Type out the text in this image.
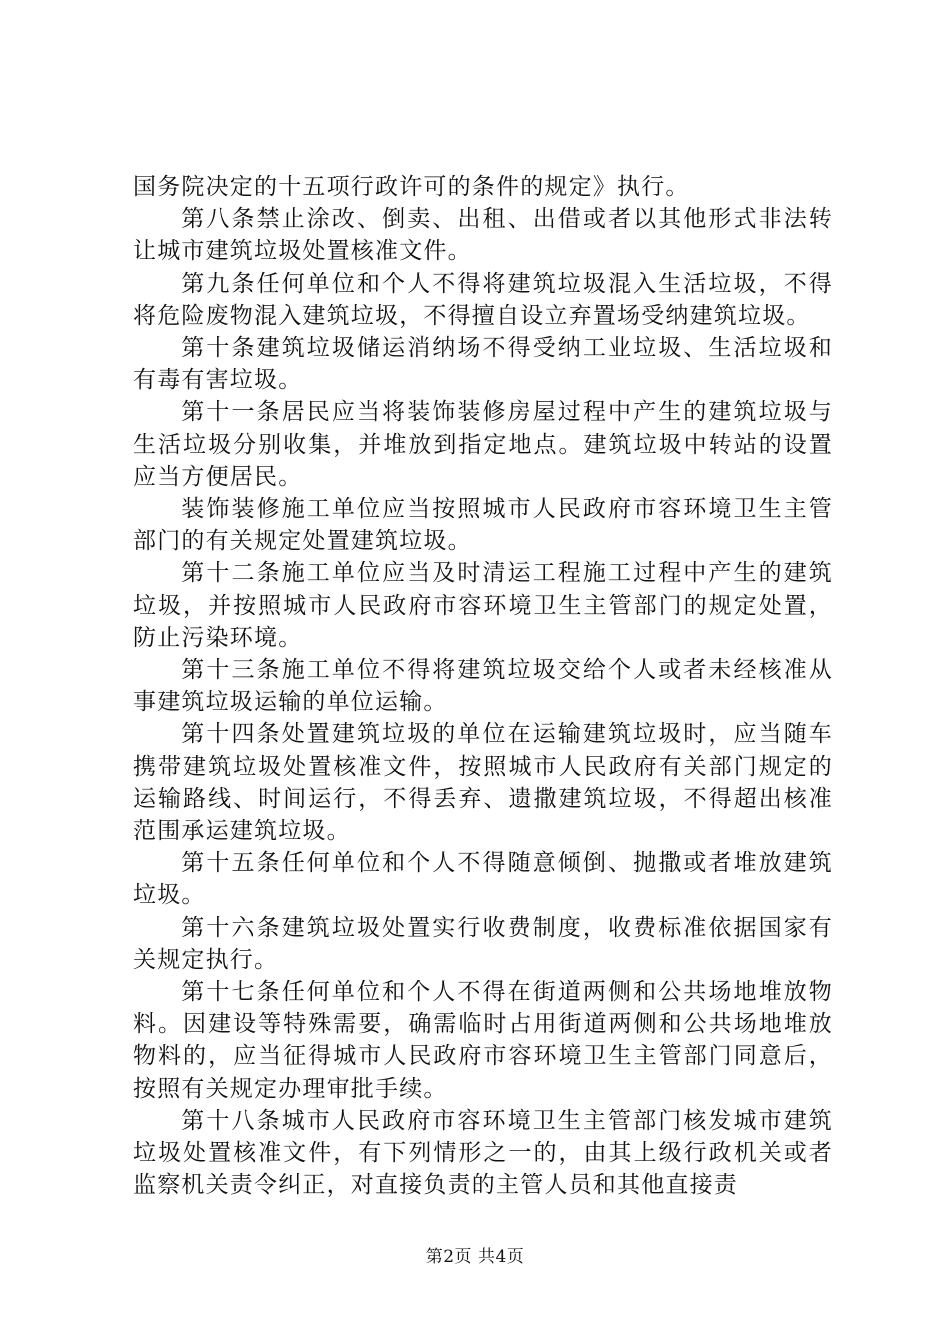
国务院决定的十五项行政许可的条件的规定》执行。

第八条禁止涂改、倒卖、出租、出借或者以其他形式非法转让城市建筑垃圾处置核准文件。

第九条任何单位和个人不得将建筑垃圾混入生活垃圾，不得将危险废物混入建筑垃圾，不得擅自设立弃置场受纳建筑垃圾。

第十条建筑垃圾储运消纳场不得受纳工业垃圾、生活垃圾和有毒有害垃圾。

第十一条居民应当将装饰装修房屋过程中产生的建筑垃圾与生活垃圾分别收集，并堆放到指定地点。建筑垃圾中转站的设置应当方便居民。

装饰装修施工单位应当按照城市人民政府市容环境卫生主管部门的有关规定处置建筑垃圾。

第十二条施工单位应当及时清运工程施工过程中产生的建筑垃圾，并按照城市人民政府市容环境卫生主管部门的规定处置，防止污染环境。

第十三条施工单位不得将建筑垃圾交给个人或者未经核准从事建筑垃圾运输的单位运输。

第十四条处置建筑垃圾的单位在运输建筑垃圾时，应当随车携带建筑垃圾处置核准文件，按照城市人民政府有关部门规定的运输路线、时间运行，不得丢弃、遗撒建筑垃圾，不得超出核准范围承运建筑垃圾。

第十五条任何单位和个人不得随意倾倒、抛撒或者堆放建筑垃圾。

第十六条建筑垃圾处置实行收费制度，收费标准依据国家有关规定执行。

第十七条任何单位和个人不得在街道两侧和公共场地堆放物料。因建设等特殊需要，确需临时占用街道两侧和公共场地堆放物料的，应当征得城市人民政府市容环境卫生主管部门同意后，按照有关规定办理审批手续。

第十八条城市人民政府市容环境卫生主管部门核发城市建筑垃圾处置核准文件，有下列情形之一的，由其上级行政机关或者监察机关责令纠正，对直接负责的主管人员和其他直接责

第2页 共4页
